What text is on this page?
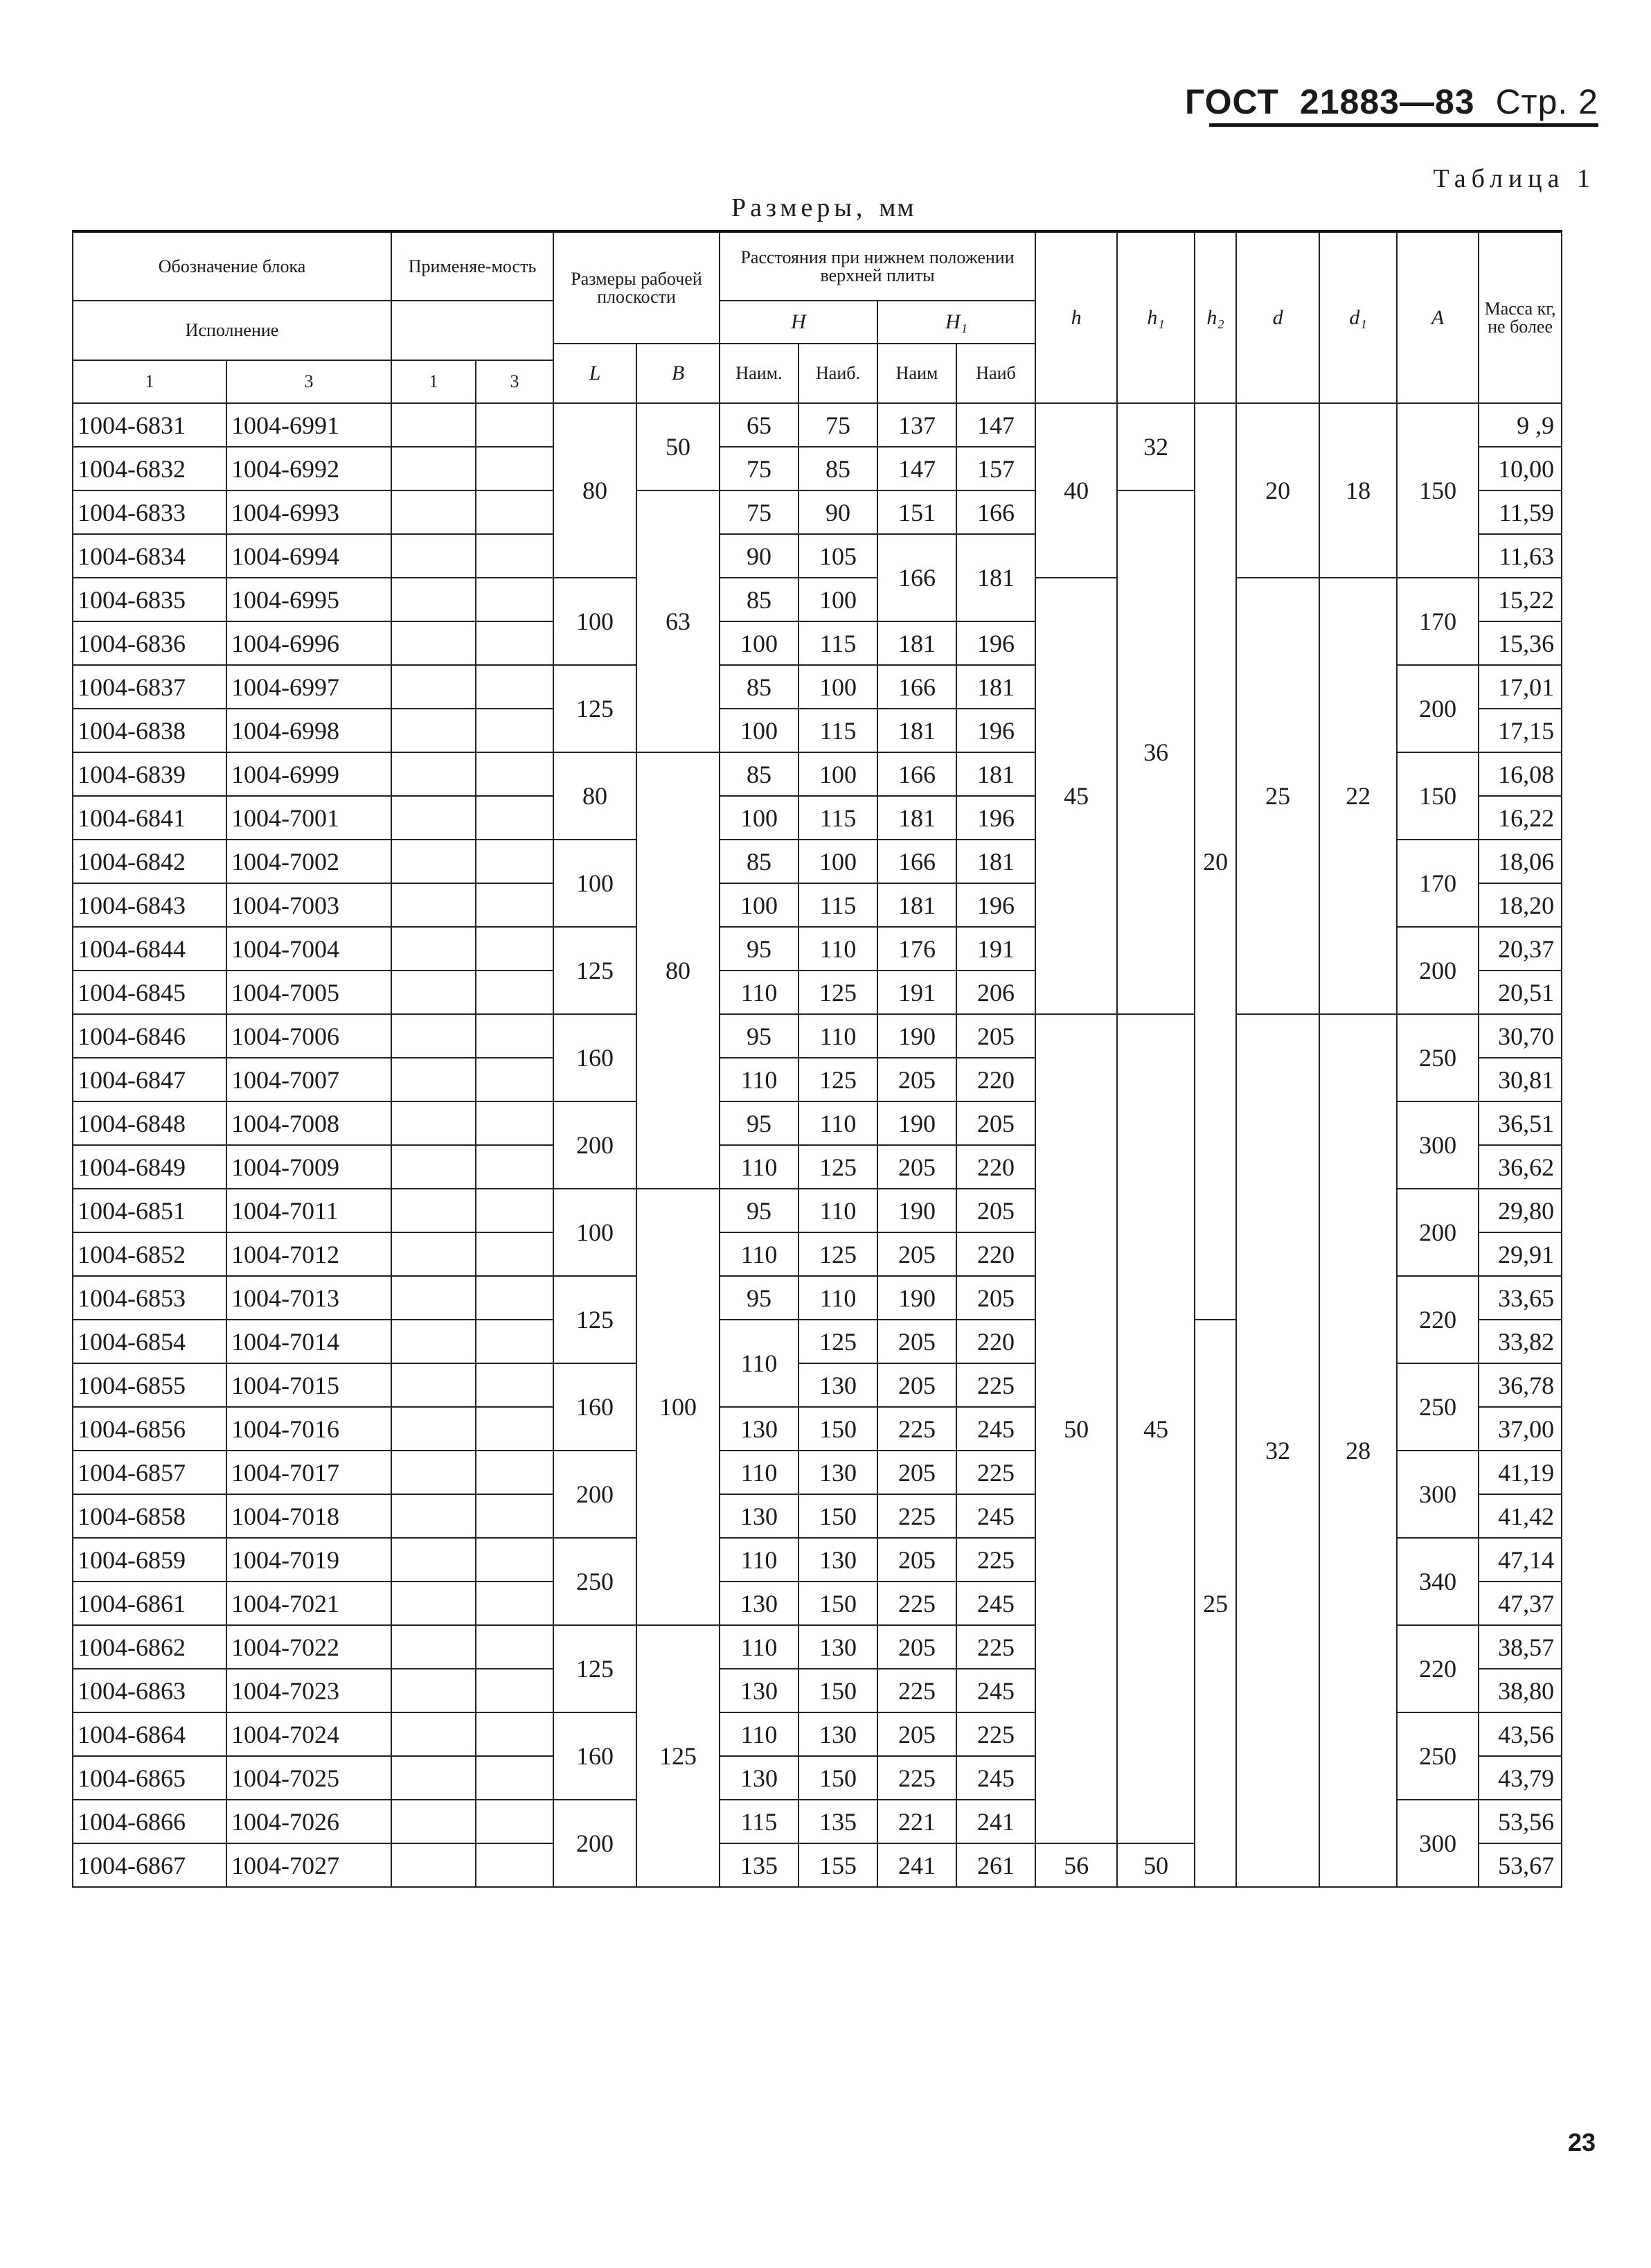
ГОСТ 21883—83 Стр. 2
Таблица 1
Размеры, мм
Обозначение блока		Применяе-мость		Размеры рабочей плоскости		Расстояния при нижнем положении верхней плиты				h	h₁	h₂	d	d₁	A	Масса кг, не более
Исполнение						H		H₁								
				L	B	Наим.	Наиб.	Наим	Наиб							
1	3	1	3													
1004-6831	1004-6991			80	50	65	75	137	147	40	32	20	20	18	150	9 ,9
1004-6832	1004-6992					75	85	147	157							10,00
1004-6833	1004-6993				63	75	90	151	166		36					11,59
1004-6834	1004-6994					90	105	166	181							11,63
1004-6835	1004-6995			100		85	100			45			25	22	170	15,22
1004-6836	1004-6996					100	115	181	196							15,36
1004-6837	1004-6997			125		85	100	166	181						200	17,01
1004-6838	1004-6998					100	115	181	196							17,15
1004-6839	1004-6999			80	80	85	100	166	181						150	16,08
1004-6841	1004-7001					100	115	181	196							16,22
1004-6842	1004-7002			100		85	100	166	181						170	18,06
1004-6843	1004-7003					100	115	181	196							18,20
1004-6844	1004-7004			125		95	110	176	191						200	20,37
1004-6845	1004-7005					110	125	191	206							20,51
1004-6846	1004-7006			160		95	110	190	205	50	45		32	28	250	30,70
1004-6847	1004-7007					110	125	205	220							30,81
1004-6848	1004-7008			200		95	110	190	205						300	36,51
1004-6849	1004-7009					110	125	205	220							36,62
1004-6851	1004-7011			100	100	95	110	190	205						200	29,80
1004-6852	1004-7012					110	125	205	220							29,91
1004-6853	1004-7013			125		95	110	190	205						220	33,65
1004-6854	1004-7014					110	125	205	220			25				33,82
1004-6855	1004-7015			160			130	205	225						250	36,78
1004-6856	1004-7016					130	150	225	245							37,00
1004-6857	1004-7017			200		110	130	205	225						300	41,19
1004-6858	1004-7018					130	150	225	245							41,42
1004-6859	1004-7019			250		110	130	205	225						340	47,14
1004-6861	1004-7021					130	150	225	245							47,37
1004-6862	1004-7022			125	125	110	130	205	225						220	38,57
1004-6863	1004-7023					130	150	225	245							38,80
1004-6864	1004-7024			160		110	130	205	225						250	43,56
1004-6865	1004-7025					130	150	225	245							43,79
1004-6866	1004-7026			200		115	135	221	241						300	53,56
1004-6867	1004-7027					135	155	241	261	56	50					53,67
23
